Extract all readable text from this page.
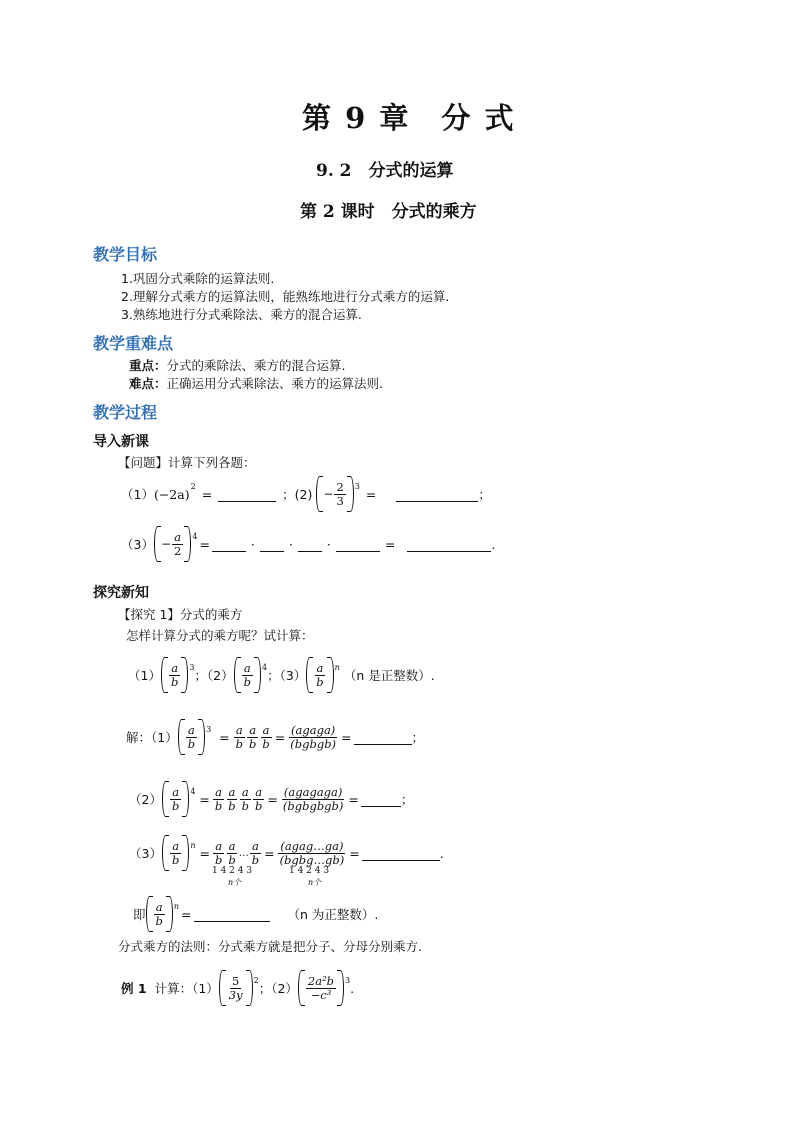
第 9 章　分 式
9. 2　分式的运算
第 2 课时　分式的乘方
教学目标
1.巩固分式乘除的运算法则.
2.理解分式乘方的运算法则，能熟练地进行分式乘方的运算.
3.熟练地进行分式乘除法、乘方的混合运算.
教学重难点
重点：分式的乘除法、乘方的混合运算.
难点：正确运用分式乘除法、乘方的运算法则.
教学过程
导入新课
【问题】计算下列各题：
（1） (−2a)
2
=	；$(2) - \frac{2}{3} 3$
=	；
$(3) - \frac{a}{2} 4$
=	·	·	·	=	.
探究新知
【探究 1】分式的乘方
怎样计算分式的乘方呢？试计算：
$(1) \frac{a}{b} 3$
；$(2) \frac{a}{b} 4$
；$(3) \frac{a}{b}$ n
（n 是正整数）.
解：$(1) \frac{a}{b} 3$
= $\frac{a}{b} \frac{a}{b} \frac{a}{b} = \frac{\text{(agaga)}}{\text{(bgbgb)}}$ =	；
$(2) \frac{a}{b} 4$
= $\frac{a}{b} \frac{a}{b} \frac{a}{b} \frac{a}{b} = \frac{\text{(agagaga)}}{\text{(bgbgbgb)}}$ =	；
$(3) \frac{a}{b}$ n
= $\frac{a}{b} \frac{a}{b}$ … $\frac{a}{b} = \frac{\text{(agag…ga)}}{\text{(bgbg…gb)}}$ =	.
1 4 2 4 3
n个
1 4 2 4 3
n个
即 $\frac{a}{b}$ n
=	（n 为正整数）.
分式乘方的法则：分式乘方就是把分子、分母分别乘方.
例 1 计算：$(1) \frac{5}{3y} 2$
；$(2) \frac{\text{2a²b}}{\text{−c³}} 3$
.
